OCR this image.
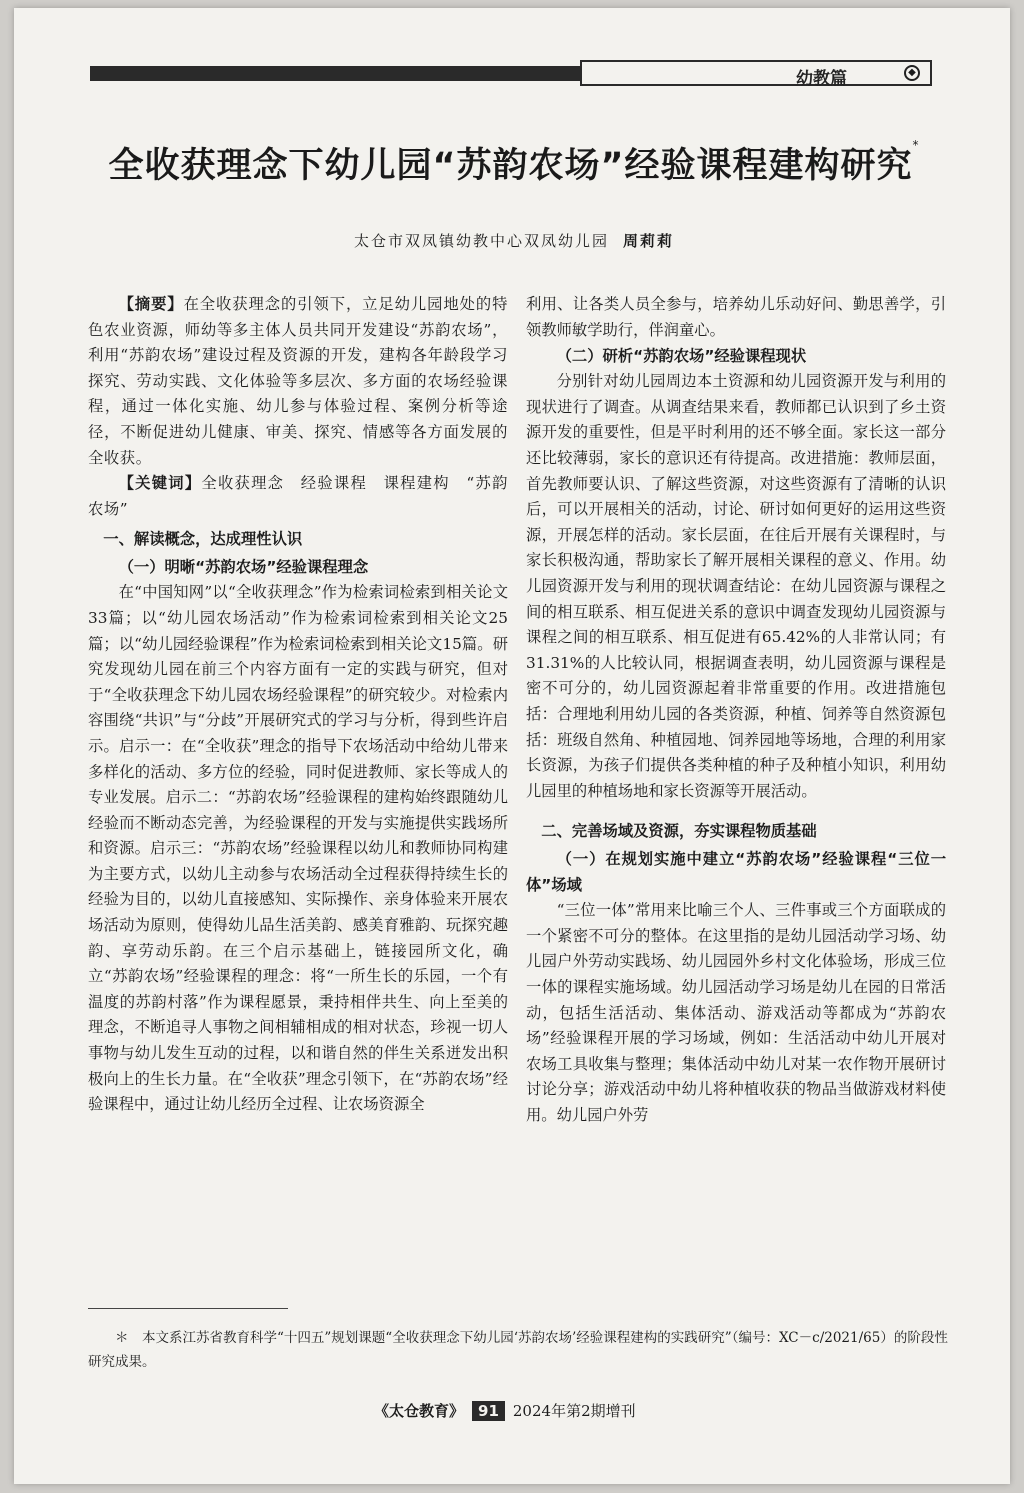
幼教篇	◆
全收获理念下幼儿园“苏韵农场”经验课程建构研究*
太仓市双凤镇幼教中心双凤幼儿园 周莉莉

【摘要】在全收获理念的引领下，立足幼儿园地处的特色农业资源，师幼等多主体人员共同开发建设“苏韵农场”，利用“苏韵农场”建设过程及资源的开发，建构各年龄段学习探究、劳动实践、文化体验等多层次、多方面的农场经验课程，通过一体化实施、幼儿参与体验过程、案例分析等途径，不断促进幼儿健康、审美、探究、情感等各方面发展的全收获。

【关键词】全收获理念　经验课程　课程建构　“苏韵农场”

一、解读概念，达成理性认识
（一）明晰“苏韵农场”经验课程理念

在“中国知网”以“全收获理念”作为检索词检索到相关论文33篇；以“幼儿园农场活动”作为检索词检索到相关论文25篇；以“幼儿园经验课程”作为检索词检索到相关论文15篇。研究发现幼儿园在前三个内容方面有一定的实践与研究，但对于“全收获理念下幼儿园农场经验课程”的研究较少。对检索内容围绕“共识”与“分歧”开展研究式的学习与分析，得到些许启示。启示一：在“全收获”理念的指导下农场活动中给幼儿带来多样化的活动、多方位的经验，同时促进教师、家长等成人的专业发展。启示二：“苏韵农场”经验课程的建构始终跟随幼儿经验而不断动态完善，为经验课程的开发与实施提供实践场所和资源。启示三：“苏韵农场”经验课程以幼儿和教师协同构建为主要方式，以幼儿主动参与农场活动全过程获得持续生长的经验为目的，以幼儿直接感知、实际操作、亲身体验来开展农场活动为原则，使得幼儿品生活美韵、感美育雅韵、玩探究趣韵、享劳动乐韵。在三个启示基础上，链接园所文化，确立“苏韵农场”经验课程的理念：将“一所生长的乐园，一个有温度的苏韵村落”作为课程愿景，秉持相伴共生、向上至美的理念，不断追寻人事物之间相辅相成的相对状态，珍视一切人事物与幼儿发生互动的过程，以和谐自然的伴生关系迸发出积极向上的生长力量。在“全收获”理念引领下，在“苏韵农场”经验课程中，通过让幼儿经历全过程、让农场资源全

利用、让各类人员全参与，培养幼儿乐动好问、勤思善学，引领教师敏学助行，伴润童心。

（二）研析“苏韵农场”经验课程现状

分别针对幼儿园周边本土资源和幼儿园资源开发与利用的现状进行了调查。从调查结果来看，教师都已认识到了乡土资源开发的重要性，但是平时利用的还不够全面。家长这一部分还比较薄弱，家长的意识还有待提高。改进措施：教师层面，首先教师要认识、了解这些资源，对这些资源有了清晰的认识后，可以开展相关的活动，讨论、研讨如何更好的运用这些资源，开展怎样的活动。家长层面，在往后开展有关课程时，与家长积极沟通，帮助家长了解开展相关课程的意义、作用。幼儿园资源开发与利用的现状调查结论：在幼儿园资源与课程之间的相互联系、相互促进关系的意识中调查发现幼儿园资源与课程之间的相互联系、相互促进有65.42%的人非常认同；有31.31%的人比较认同，根据调查表明，幼儿园资源与课程是密不可分的，幼儿园资源起着非常重要的作用。改进措施包括：合理地利用幼儿园的各类资源，种植、饲养等自然资源包括：班级自然角、种植园地、饲养园地等场地，合理的利用家长资源，为孩子们提供各类种植的种子及种植小知识，利用幼儿园里的种植场地和家长资源等开展活动。

二、完善场域及资源，夯实课程物质基础
（一）在规划实施中建立“苏韵农场”经验课程“三位一体”场域

“三位一体”常用来比喻三个人、三件事或三个方面联成的一个紧密不可分的整体。在这里指的是幼儿园活动学习场、幼儿园户外劳动实践场、幼儿园园外乡村文化体验场，形成三位一体的课程实施场域。幼儿园活动学习场是幼儿在园的日常活动，包括生活活动、集体活动、游戏活动等都成为“苏韵农场”经验课程开展的学习场域，例如：生活活动中幼儿开展对农场工具收集与整理；集体活动中幼儿对某一农作物开展研讨讨论分享；游戏活动中幼儿将种植收获的物品当做游戏材料使用。幼儿园户外劳

＊　本文系江苏省教育科学“十四五”规划课题“全收获理念下幼儿园‘苏韵农场’经验课程建构的实践研究”（编号：XC－c/2021/65）的阶段性研究成果。
《太仓教育》 91 2024年第2期增刊
